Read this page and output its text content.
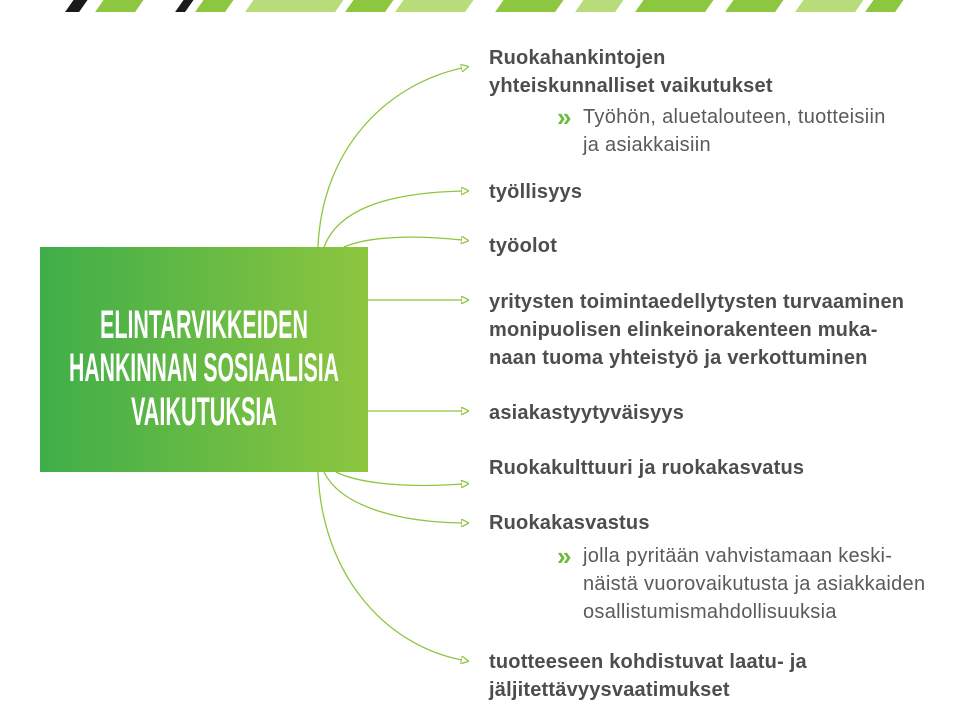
ELINTARVIKKEIDEN
HANKINNAN SOSIAALISIA
VAIKUTUKSIA
Ruokahankintojen
yhteiskunnalliset vaikutukset
» Työhön, aluetalouteen, tuotteisiin
ja asiakkaisiin
työllisyys
työolot
yritysten toimintaedellytysten turvaaminen
monipuolisen elinkeinorakenteen muka-
naan tuoma yhteistyö ja verkottuminen
asiakastyytyväisyys
Ruokakulttuuri ja ruokakasvatus
Ruokakasvastus
» jolla pyritään vahvistamaan keski-
näistä vuorovaikutusta ja asiakkaiden
osallistumismahdollisuuksia
tuotteeseen kohdistuvat laatu- ja
jäljitettävyysvaatimukset
